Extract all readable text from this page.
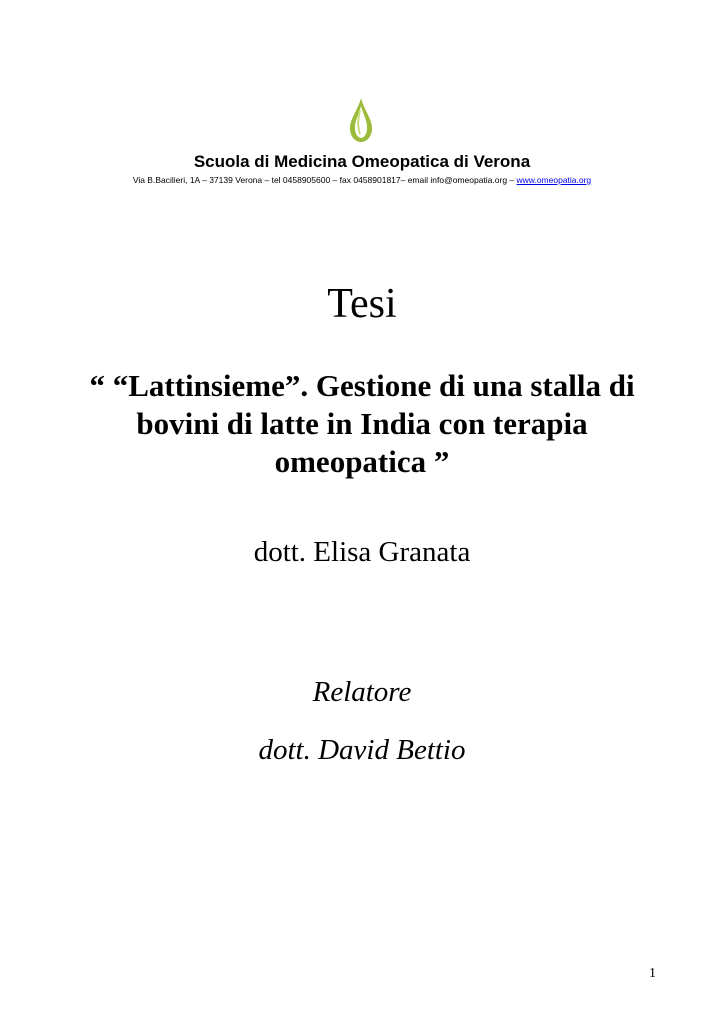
Scuola di Medicina Omeopatica di Verona
Via B.Bacilieri, 1A – 37139 Verona – tel 0458905600 – fax 0458901817– email info@omeopatia.org – www.omeopatia.org
Tesi
“ “Lattinsieme”. Gestione di una stalla di bovini di latte in India con terapia omeopatica ”
dott. Elisa Granata
Relatore
dott. David Bettio
1
